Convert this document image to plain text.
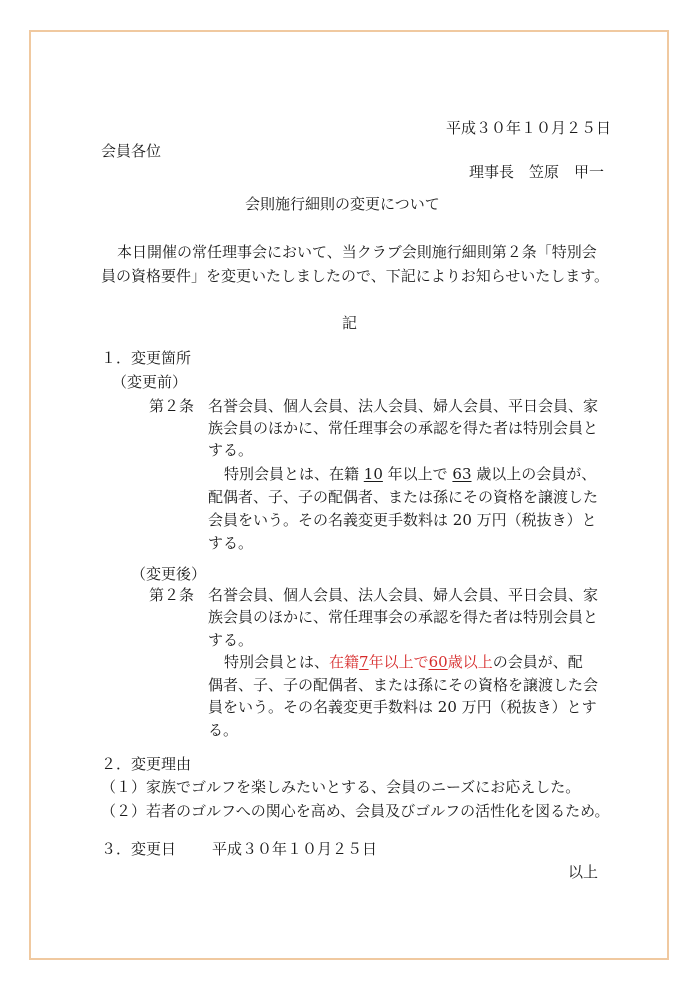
平成３０年１０月２５日
会員各位
理事長　笠原　甲一
会則施行細則の変更について
本日開催の常任理事会において、当クラブ会則施行細則第２条「特別会
員の資格要件」を変更いたしましたので、下記によりお知らせいたします。
記
１．変更箇所
（変更前）
第２条 名誉会員、個人会員、法人会員、婦人会員、平日会員、家
族会員のほかに、常任理事会の承認を得た者は特別会員と
する。
特別会員とは、在籍 10 年以上で 63 歳以上の会員が、
配偶者、子、子の配偶者、または孫にその資格を譲渡した
会員をいう。その名義変更手数料は 20 万円（税抜き）と
する。
（変更後）
第２条 名誉会員、個人会員、法人会員、婦人会員、平日会員、家
族会員のほかに、常任理事会の承認を得た者は特別会員と
する。
特別会員とは、在籍7年以上で60歳以上の会員が、配
偶者、子、子の配偶者、または孫にその資格を譲渡した会
員をいう。その名義変更手数料は 20 万円（税抜き）とす
る。
２．変更理由
（１）家族でゴルフを楽しみたいとする、会員のニーズにお応えした。
（２）若者のゴルフへの関心を高め、会員及びゴルフの活性化を図るため。
３．変更日 平成３０年１０月２５日
以上
